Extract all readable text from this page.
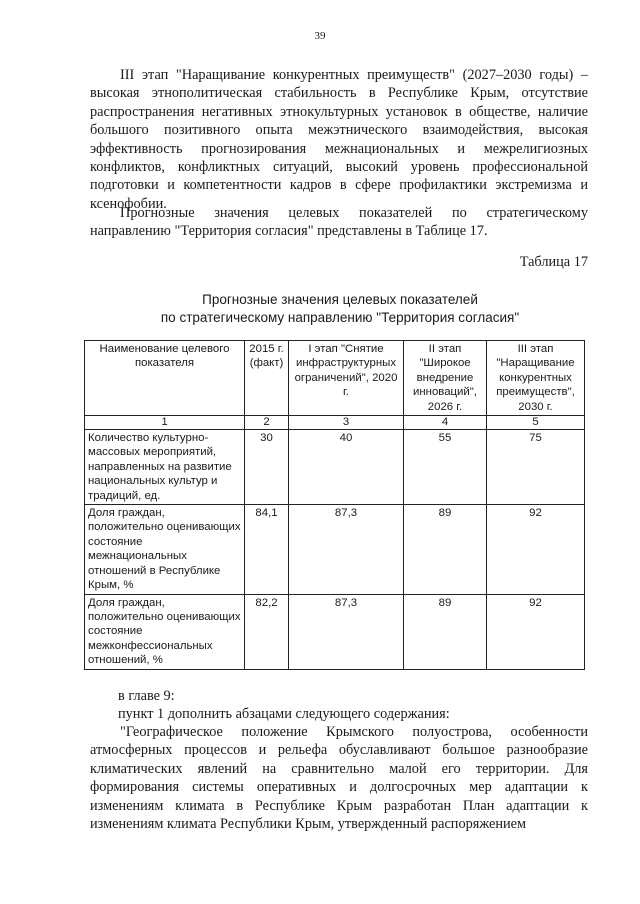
39

III этап "Наращивание конкурентных преимуществ" (2027–2030 годы) – высокая этнополитическая стабильность в Республике Крым, отсутствие распространения негативных этнокультурных установок в обществе, наличие большого позитивного опыта межэтнического взаимодействия, высокая эффективность прогнозирования межнациональных и межрелигиозных конфликтов, конфликтных ситуаций, высокий уровень профессиональной подготовки и компетентности кадров в сфере профилактики экстремизма и ксенофобии.

Прогнозные значения целевых показателей по стратегическому направлению "Территория согласия" представлены в Таблице 17.

Таблица 17
Прогнозные значения целевых показателей
по стратегическому направлению "Территория согласия"
Наименование целевого показателя	2015 г. (факт)	I этап "Снятие инфраструктурных ограничений", 2020 г.	II этап "Широкое внедрение инноваций", 2026 г.	III этап "Наращивание конкурентных преимуществ", 2030 г.
1	2	3	4	5
Количество культурно-массовых мероприятий, направленных на развитие национальных культур и традиций, ед.	30	40	55	75
Доля граждан, положительно оценивающих состояние межнациональных отношений в Республике Крым, %	84,1	87,3	89	92
Доля граждан, положительно оценивающих состояние межконфессиональных отношений, %	82,2	87,3	89	92
в главе 9:
пункт 1 дополнить абзацами следующего содержания:

"Географическое положение Крымского полуострова, особенности атмосферных процессов и рельефа обуславливают большое разнообразие климатических явлений на сравнительно малой его территории. Для формирования системы оперативных и долгосрочных мер адаптации к изменениям климата в Республике Крым разработан План адаптации к изменениям климата Республики Крым, утвержденный распоряжением
